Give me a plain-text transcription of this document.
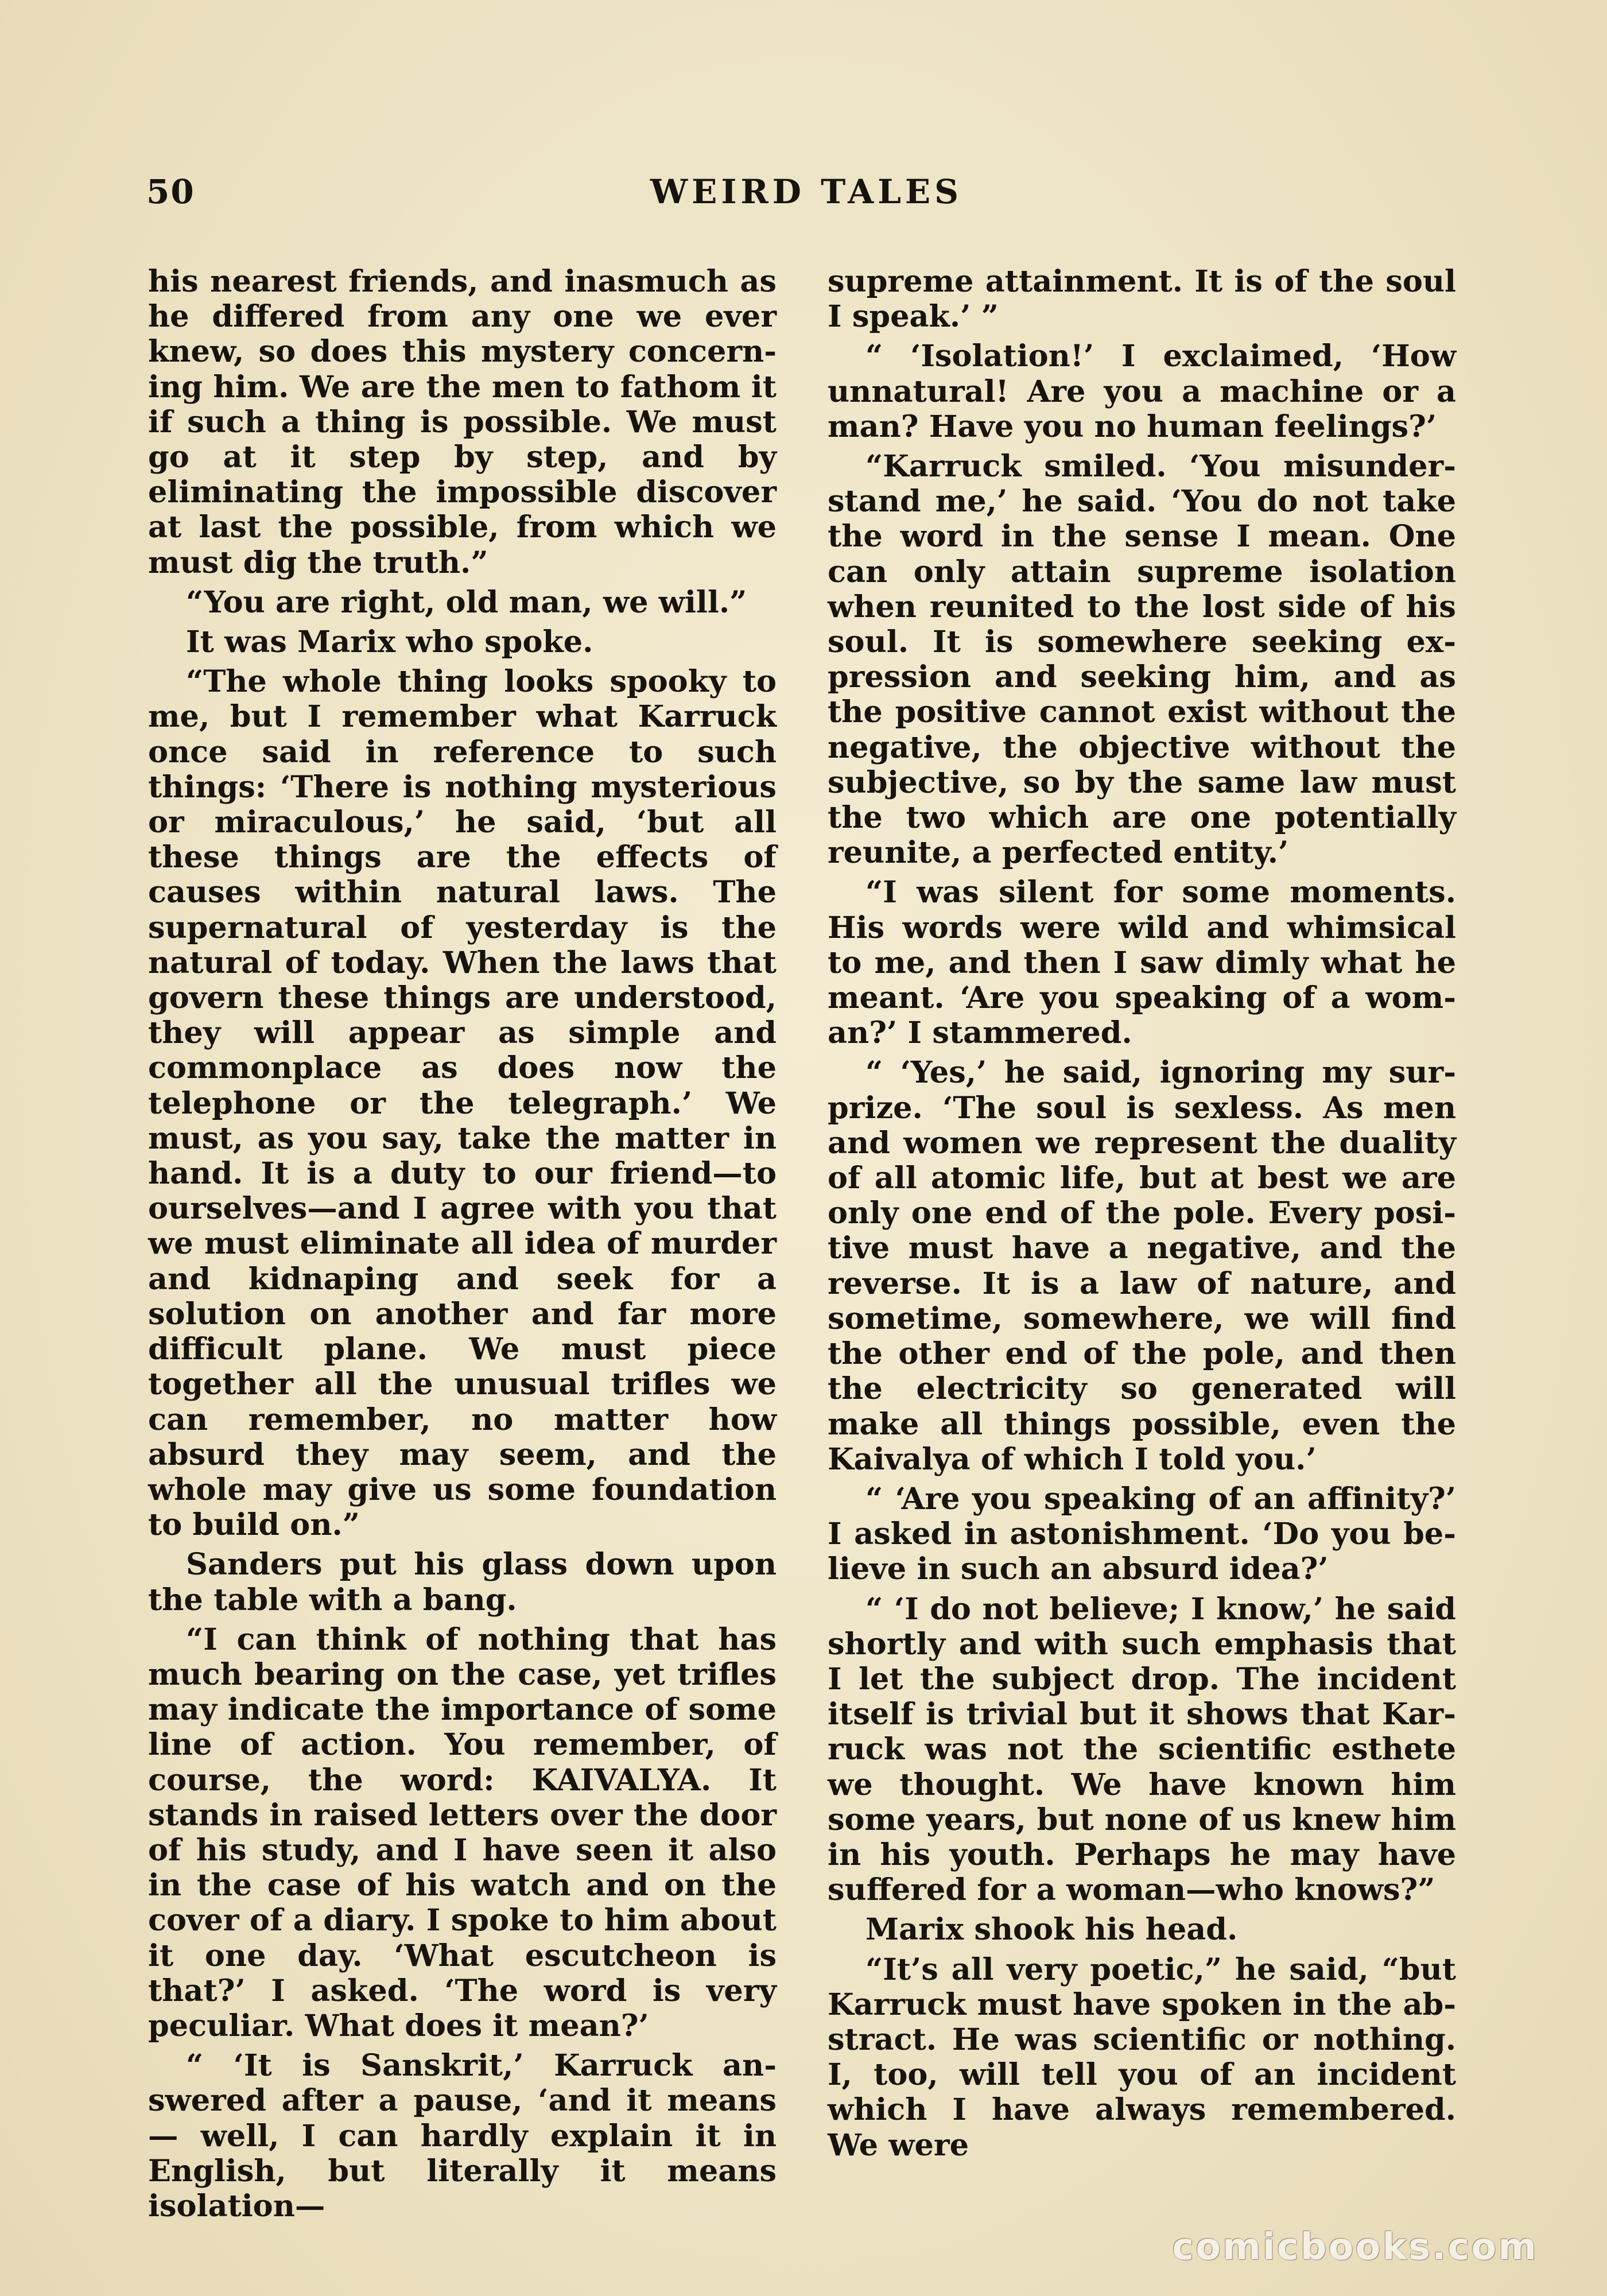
50	WEIRD TALES

his nearest friends, and inasmuch as he differed from any one we ever knew, so does this mystery concerning him. We are the men to fathom it if such a thing is possible. We must go at it step by step, and by eliminating the impossible discover at last the possible, from which we must dig the truth.”

“You are right, old man, we will.”

It was Marix who spoke.

“The whole thing looks spooky to me, but I remember what Karruck once said in reference to such things: ‘There is nothing mysterious or miraculous,’ he said, ‘but all these things are the effects of causes within natural laws. The supernatural of yesterday is the natural of today. When the laws that govern these things are understood, they will appear as simple and commonplace as does now the telephone or the telegraph.’ We must, as you say, take the matter in hand. It is a duty to our friend—to ourselves—and I agree with you that we must eliminate all idea of murder and kidnaping and seek for a solution on another and far more difficult plane. We must piece together all the unusual trifles we can remember, no matter how absurd they may seem, and the whole may give us some foundation to build on.”

Sanders put his glass down upon the table with a bang.

“I can think of nothing that has much bearing on the case, yet trifles may indicate the importance of some line of action. You remember, of course, the word: KAIVALYA. It stands in raised letters over the door of his study, and I have seen it also in the case of his watch and on the cover of a diary. I spoke to him about it one day. ‘What escutcheon is that?’ I asked. ‘The word is very peculiar. What does it mean?’

“ ‘It is Sanskrit,’ Karruck answered after a pause, ‘and it means— well, I can hardly explain it in English, but literally it means isolation—

supreme attainment. It is of the soul I speak.’ ”

“ ‘Isolation!’ I exclaimed, ‘How unnatural! Are you a machine or a man? Have you no human feelings?’

“Karruck smiled. ‘You misunderstand me,’ he said. ‘You do not take the word in the sense I mean. One can only attain supreme isolation when reunited to the lost side of his soul. It is somewhere seeking expression and seeking him, and as the positive cannot exist without the negative, the objective without the subjective, so by the same law must the two which are one potentially reunite, a perfected entity.’

“I was silent for some moments. His words were wild and whimsical to me, and then I saw dimly what he meant. ‘Are you speaking of a woman?’ I stammered.

“ ‘Yes,’ he said, ignoring my surprize. ‘The soul is sexless. As men and women we represent the duality of all atomic life, but at best we are only one end of the pole. Every positive must have a negative, and the reverse. It is a law of nature, and sometime, somewhere, we will find the other end of the pole, and then the electricity so generated will make all things possible, even the Kaivalya of which I told you.’

“ ‘Are you speaking of an affinity?’ I asked in astonishment. ‘Do you believe in such an absurd idea?’

“ ‘I do not believe; I know,’ he said shortly and with such emphasis that I let the subject drop. The incident itself is trivial but it shows that Karruck was not the scientific esthete we thought. We have known him some years, but none of us knew him in his youth. Perhaps he may have suffered for a woman—who knows?”

Marix shook his head.

“It’s all very poetic,” he said, “but Karruck must have spoken in the abstract. He was scientific or nothing. I, too, will tell you of an incident which I have always remembered. We were

comicbooks.com
